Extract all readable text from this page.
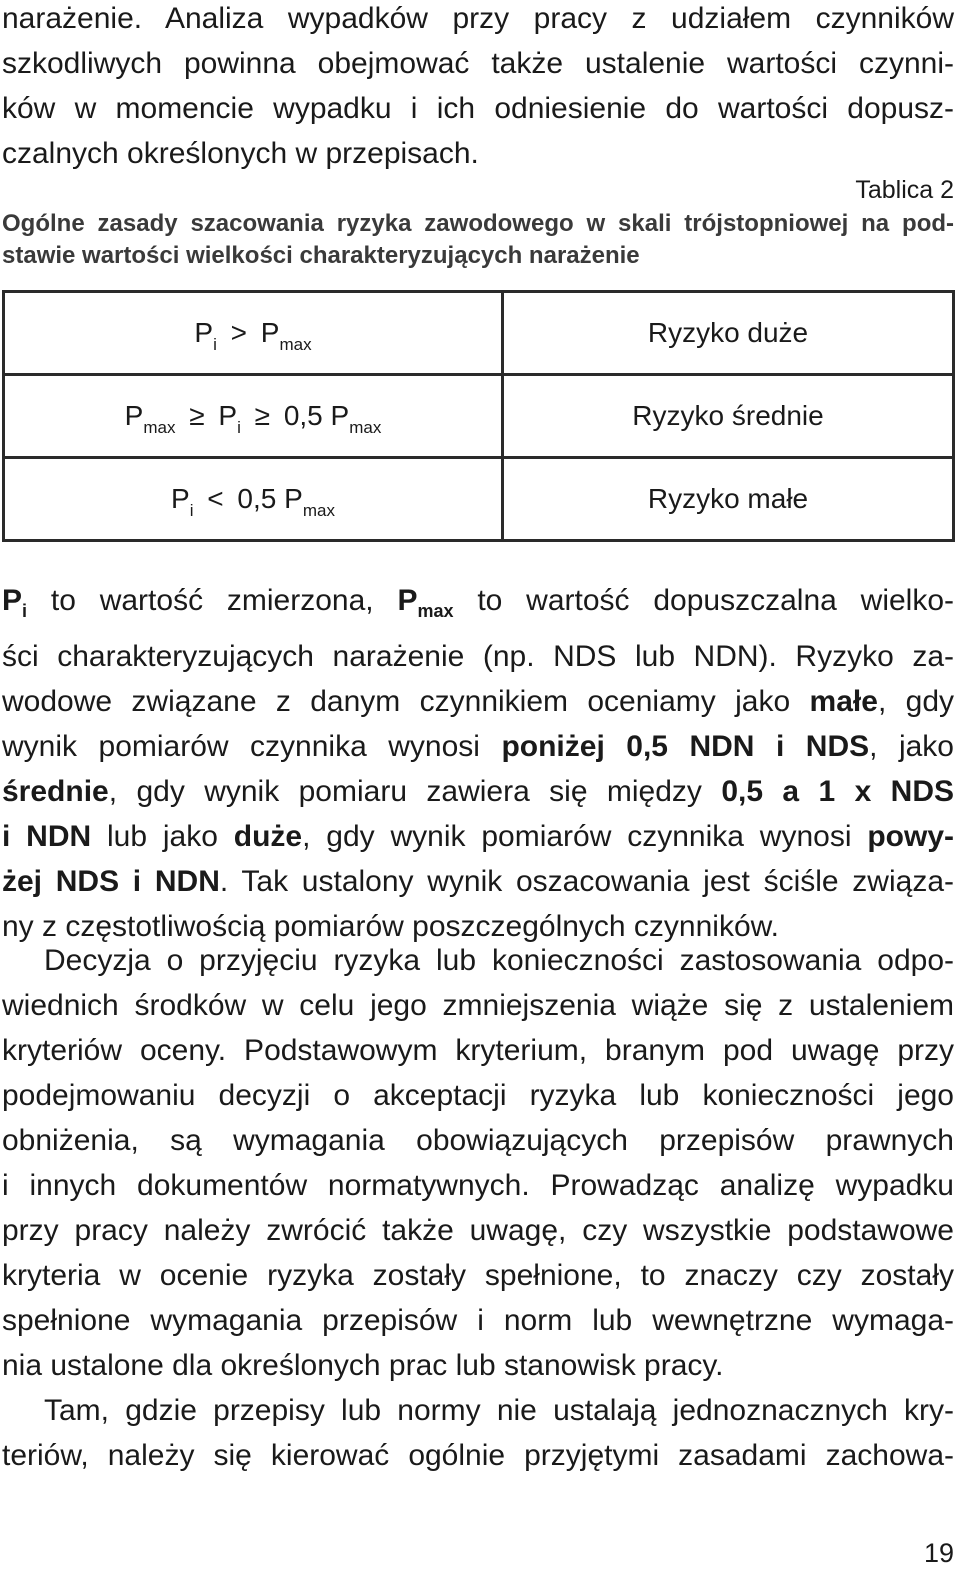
narażenie. Analiza wypadków przy pracy z udziałem czynników
szkodliwych powinna obejmować także ustalenie wartości czynni-
ków w momencie wypadku i ich odniesienie do wartości dopusz-
czalnych określonych w przepisach.

Tablica 2
Ogólne zasady szacowania ryzyka zawodowego w skali trójstopniowej na pod-
stawie wartości wielkości charakteryzujących narażenie
$P_i > P_{max}$	Ryzyko duże
$P_{max} \ge P_i \ge 0,5$ $P_{max}$	Ryzyko średnie
$P_i < 0,5$ $P_{max}$	Ryzyko małe

$P_i$ to wartość zmierzona, $P_{max}$ to wartość dopuszczalna wielko-
ści charakteryzujących narażenie (np. NDS lub NDN). Ryzyko za-
wodowe związane z danym czynnikiem oceniamy jako małe, gdy
wynik pomiarów czynnika wynosi poniżej 0,5 NDN i NDS, jako
średnie, gdy wynik pomiaru zawiera się między 0,5 a 1 x NDS
i NDN lub jako duże, gdy wynik pomiarów czynnika wynosi powy-
żej NDS i NDN. Tak ustalony wynik oszacowania jest ściśle związa-
ny z częstotliwością pomiarów poszczególnych czynników.

Decyzja o przyjęciu ryzyka lub konieczności zastosowania odpo-
wiednich środków w celu jego zmniejszenia wiąże się z ustaleniem
kryteriów oceny. Podstawowym kryterium, branym pod uwagę przy
podejmowaniu decyzji o akceptacji ryzyka lub konieczności jego
obniżenia, są wymagania obowiązujących przepisów prawnych
i innych dokumentów normatywnych. Prowadząc analizę wypadku
przy pracy należy zwrócić także uwagę, czy wszystkie podstawowe
kryteria w ocenie ryzyka zostały spełnione, to znaczy czy zostały
spełnione wymagania przepisów i norm lub wewnętrzne wymaga-
nia ustalone dla określonych prac lub stanowisk pracy.

Tam, gdzie przepisy lub normy nie ustalają jednoznacznych kry-
teriów, należy się kierować ogólnie przyjętymi zasadami zachowa-

19
